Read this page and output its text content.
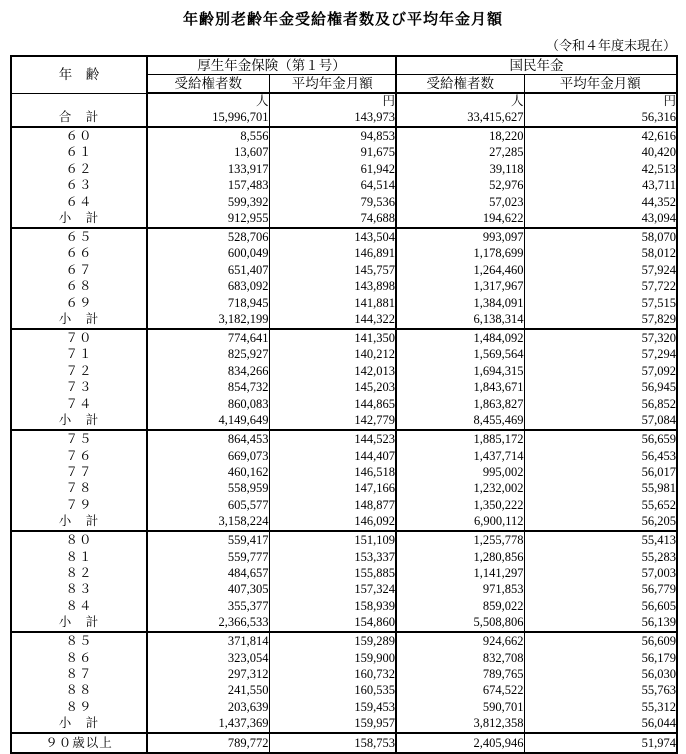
年齢別老齢年金受給権者数及び平均年金月額
（令和４年度末現在）
年　齢	厚生年金保険（第１号）		国民年金	
	受給権者数	平均年金月額	受給権者数	平均年金月額
	人	円	人	円
合　計	15,996,701	143,973	33,415,627	56,316
６０	8,556	94,853	18,220	42,616
６１	13,607	91,675	27,285	40,420
６２	133,917	61,942	39,118	42,513
６３	157,483	64,514	52,976	43,711
６４	599,392	79,536	57,023	44,352
小　計	912,955	74,688	194,622	43,094
６５	528,706	143,504	993,097	58,070
６６	600,049	146,891	1,178,699	58,012
６７	651,407	145,757	1,264,460	57,924
６８	683,092	143,898	1,317,967	57,722
６９	718,945	141,881	1,384,091	57,515
小　計	3,182,199	144,322	6,138,314	57,829
７０	774,641	141,350	1,484,092	57,320
７１	825,927	140,212	1,569,564	57,294
７２	834,266	142,013	1,694,315	57,092
７３	854,732	145,203	1,843,671	56,945
７４	860,083	144,865	1,863,827	56,852
小　計	4,149,649	142,779	8,455,469	57,084
７５	864,453	144,523	1,885,172	56,659
７６	669,073	144,407	1,437,714	56,453
７７	460,162	146,518	995,002	56,017
７８	558,959	147,166	1,232,002	55,981
７９	605,577	148,877	1,350,222	55,652
小　計	3,158,224	146,092	6,900,112	56,205
８０	559,417	151,109	1,255,778	55,413
８１	559,777	153,337	1,280,856	55,283
８２	484,657	155,885	1,141,297	57,003
８３	407,305	157,324	971,853	56,779
８４	355,377	158,939	859,022	56,605
小　計	2,366,533	154,860	5,508,806	56,139
８５	371,814	159,289	924,662	56,609
８６	323,054	159,900	832,708	56,179
８７	297,312	160,732	789,765	56,030
８８	241,550	160,535	674,522	55,763
８９	203,639	159,453	590,701	55,312
小　計	1,437,369	159,957	3,812,358	56,044
９０歳以上	789,772	158,753	2,405,946	51,974
